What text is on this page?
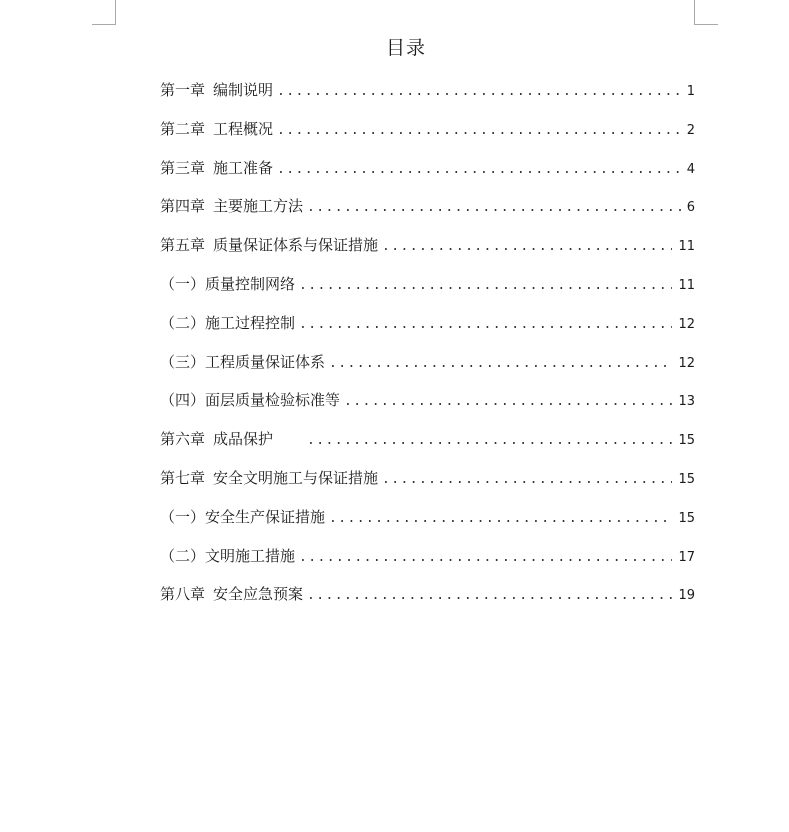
目录
第一章 编制说明 .....	1
第二章 工程概况 .....	2
第三章 施工准备 .....	4
第四章 主要施工方法 .....	6
第五章 质量保证体系与保证措施 .....	11
（一）质量控制网络 .....	11
（二）施工过程控制 .....	12
（三）工程质量保证体系 .....	12
（四）面层质量检验标准等 .....	13
第六章 成品保护 .....	15
第七章 安全文明施工与保证措施 .....	15
（一）安全生产保证措施 .....	15
（二）文明施工措施 .....	17
第八章 安全应急预案 .....	19
